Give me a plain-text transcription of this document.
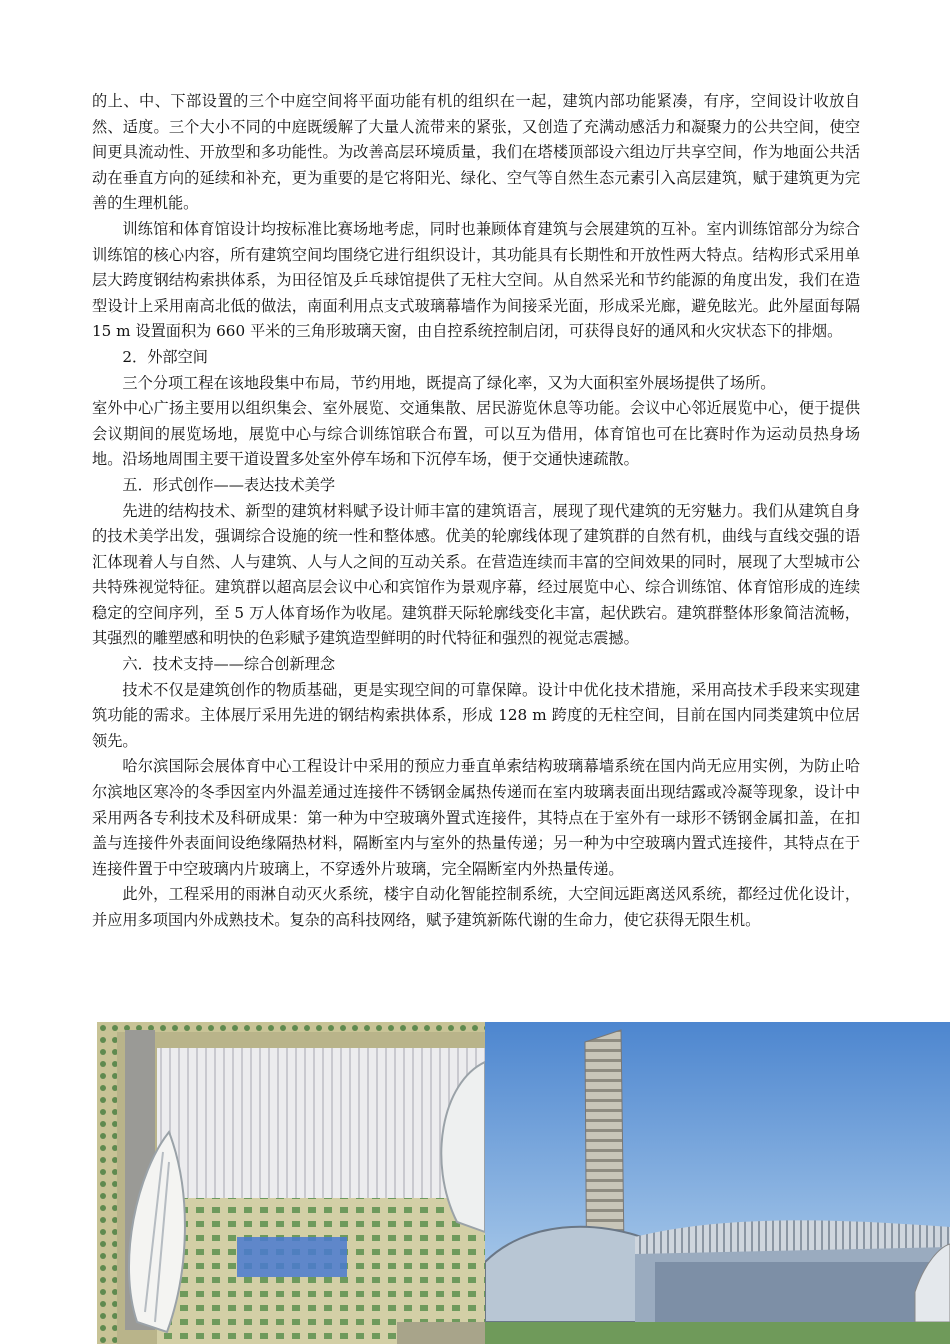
的上、中、下部设置的三个中庭空间将平面功能有机的组织在一起，建筑内部功能紧凑，有序，空间设计收放自然、适度。三个大小不同的中庭既缓解了大量人流带来的紧张，又创造了充满动感活力和凝聚力的公共空间，使空间更具流动性、开放型和多功能性。为改善高层环境质量，我们在塔楼顶部设六组边厅共享空间，作为地面公共活动在垂直方向的延续和补充，更为重要的是它将阳光、绿化、空气等自然生态元素引入高层建筑，赋于建筑更为完善的生理机能。

训练馆和体育馆设计均按标准比赛场地考虑，同时也兼顾体育建筑与会展建筑的互补。室内训练馆部分为综合训练馆的核心内容，所有建筑空间均围绕它进行组织设计，其功能具有长期性和开放性两大特点。结构形式采用单层大跨度钢结构索拱体系，为田径馆及乒乓球馆提供了无柱大空间。从自然采光和节约能源的角度出发，我们在造型设计上采用南高北低的做法，南面利用点支式玻璃幕墙作为间接采光面，形成采光廊，避免眩光。此外屋面每隔 15 m 设置面积为 660 平米的三角形玻璃天窗，由自控系统控制启闭，可获得良好的通风和火灾状态下的排烟。

2．外部空间

三个分项工程在该地段集中布局，节约用地，既提高了绿化率，又为大面积室外展场提供了场所。

室外中心广扬主要用以组织集会、室外展览、交通集散、居民游览休息等功能。会议中心邻近展览中心，便于提供会议期间的展览场地，展览中心与综合训练馆联合布置，可以互为借用，体育馆也可在比赛时作为运动员热身场地。沿场地周围主要干道设置多处室外停车场和下沉停车场，便于交通快速疏散。

五．形式创作——表达技术美学

先进的结构技术、新型的建筑材料赋予设计师丰富的建筑语言，展现了现代建筑的无穷魅力。我们从建筑自身的技术美学出发，强调综合设施的统一性和整体感。优美的轮廓线体现了建筑群的自然有机，曲线与直线交强的语汇体现着人与自然、人与建筑、人与人之间的互动关系。在营造连续而丰富的空间效果的同时，展现了大型城市公共特殊视觉特征。建筑群以超高层会议中心和宾馆作为景观序幕，经过展览中心、综合训练馆、体育馆形成的连续稳定的空间序列，至 5 万人体育场作为收尾。建筑群天际轮廓线变化丰富，起伏跌宕。建筑群整体形象简洁流畅，其强烈的雕塑感和明快的色彩赋予建筑造型鲜明的时代特征和强烈的视觉志震撼。

六．技术支持——综合创新理念

技术不仅是建筑创作的物质基础，更是实现空间的可靠保障。设计中优化技术措施，采用高技术手段来实现建筑功能的需求。主体展厅采用先进的钢结构索拱体系，形成 128 m 跨度的无柱空间，目前在国内同类建筑中位居领先。

哈尔滨国际会展体育中心工程设计中采用的预应力垂直单索结构玻璃幕墙系统在国内尚无应用实例，为防止哈尔滨地区寒冷的冬季因室内外温差通过连接件不锈钢金属热传递而在室内玻璃表面出现结露或冷凝等现象，设计中采用两各专利技术及科研成果：第一种为中空玻璃外置式连接件，其特点在于室外有一球形不锈钢金属扣盖，在扣盖与连接件外表面间设绝缘隔热材料，隔断室内与室外的热量传递；另一种为中空玻璃内置式连接件，其特点在于连接件置于中空玻璃内片玻璃上，不穿透外片玻璃，完全隔断室内外热量传递。

此外，工程采用的雨淋自动灭火系统，楼宇自动化智能控制系统，大空间远距离送风系统，都经过优化设计，并应用多项国内外成熟技术。复杂的高科技网络，赋予建筑新陈代谢的生命力，使它获得无限生机。
